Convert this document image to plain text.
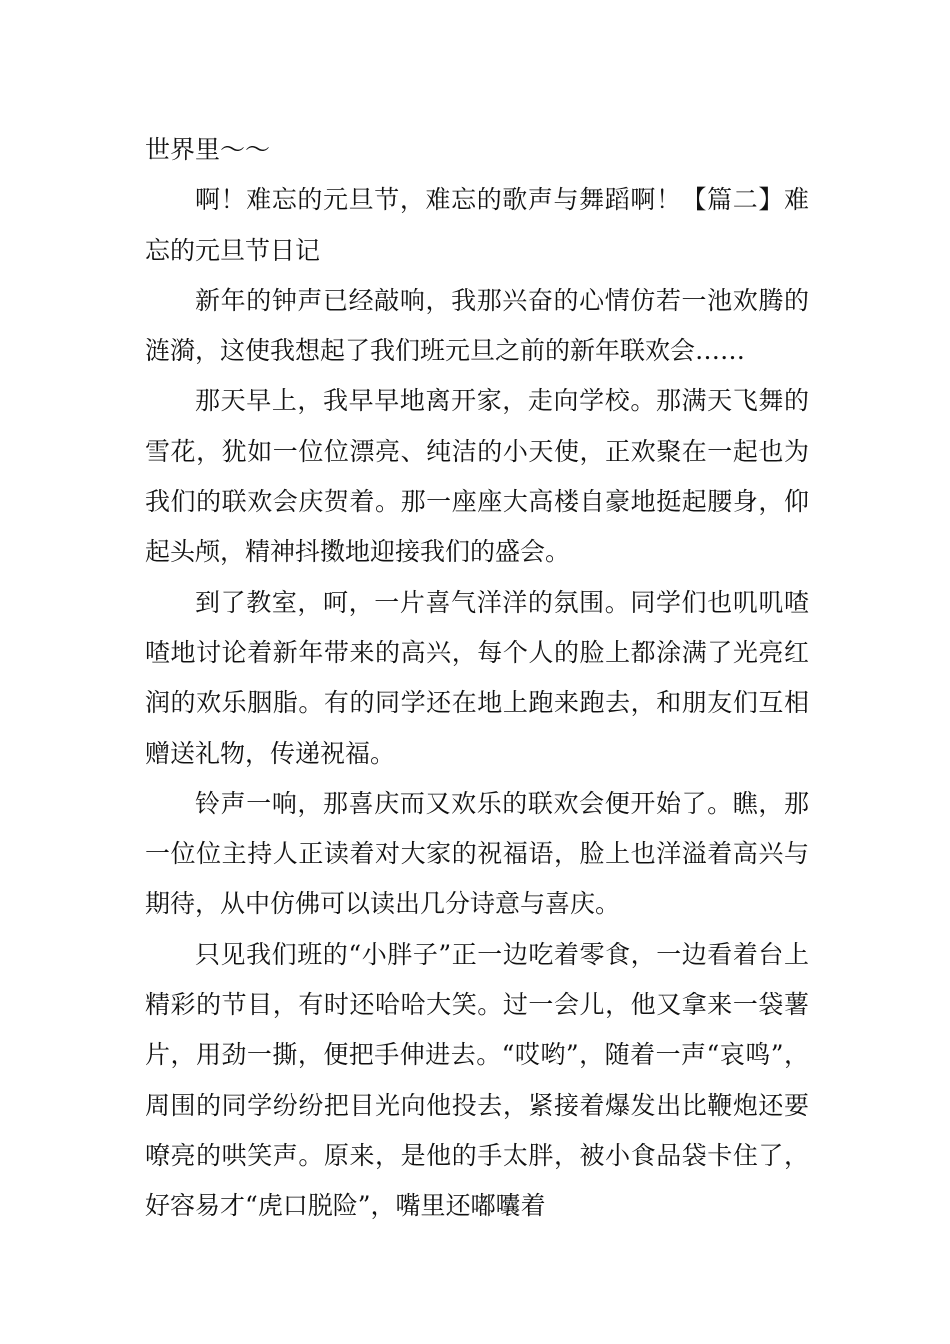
世界里～～

啊！难忘的元旦节，难忘的歌声与舞蹈啊！【篇二】难忘的元旦节日记

新年的钟声已经敲响，我那兴奋的心情仿若一池欢腾的涟漪，这使我想起了我们班元旦之前的新年联欢会……

那天早上，我早早地离开家，走向学校。那满天飞舞的雪花，犹如一位位漂亮、纯洁的小天使，正欢聚在一起也为我们的联欢会庆贺着。那一座座大高楼自豪地挺起腰身，仰起头颅，精神抖擞地迎接我们的盛会。

到了教室，呵，一片喜气洋洋的氛围。同学们也叽叽喳喳地讨论着新年带来的高兴，每个人的脸上都涂满了光亮红润的欢乐胭脂。有的同学还在地上跑来跑去，和朋友们互相赠送礼物，传递祝福。

铃声一响，那喜庆而又欢乐的联欢会便开始了。瞧，那一位位主持人正读着对大家的祝福语，脸上也洋溢着高兴与期待，从中仿佛可以读出几分诗意与喜庆。

只见我们班的“小胖子”正一边吃着零食，一边看着台上精彩的节目，有时还哈哈大笑。过一会儿，他又拿来一袋薯片，用劲一撕，便把手伸进去。“哎哟”，随着一声“哀鸣”，周围的同学纷纷把目光向他投去，紧接着爆发出比鞭炮还要嘹亮的哄笑声。原来，是他的手太胖，被小食品袋卡住了，好容易才“虎口脱险”，嘴里还嘟囔着
